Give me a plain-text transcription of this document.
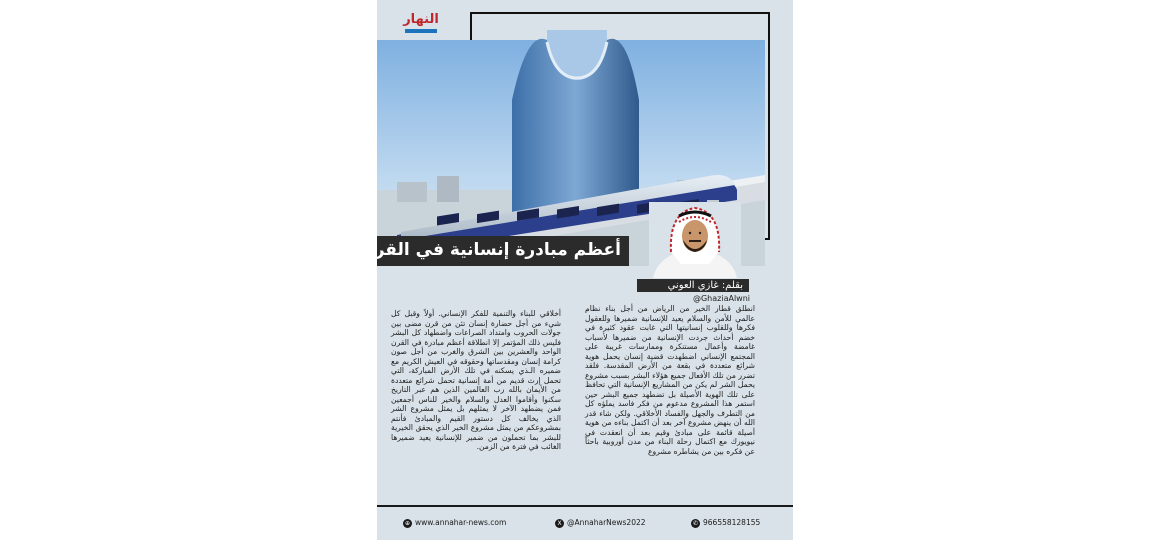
النهار
أعظم مبادرة إنسانية في القرن 21
بقلم: غازي العوني
@GhaziaAlwni
انطلق قطار الخير من الرياض من أجل بناء نظام عالمي للأمن والسلام يعيد للإنسانية ضميرها وللعقول فكرها وللقلوب إنسانيتها التي غابت عقود كثيرة في خضم أحداث جردت الإنسانية من ضميرها لأسباب غامضة وأعمال مستنكرة وممارسات غريبة على المجتمع الإنساني اضطهدت قضية إنسان يحمل هوية شرائع متعددة في بقعة من الأرض المقدسة. فلقد تضرر من تلك الأفعال جميع هؤلاء البشر بسبب مشروع يحمل الشر لم يكن من المشاريع الإنسانية التي تحافظ على تلك الهوية الأصيلة بل تضطهد جميع البشر حين استمر هذا المشروع مدعوم من فكر فاسد يملؤه كل من التطرف والجهل والفساد الأخلاقي. ولكن شاء قدر الله أن ينهض مشروع آخر بعد أن اكتمل بناءه من هوية أصيلة قائمة على مبادئ وقيم بعد أن انعقدت في نيويورك مع اكتمال رحلة البناء من مدن أوروبية باحثاً عن فكره بين من يشاطره مشروع
أخلاقي للبناء والتنمية للفكر الإنساني. أولاً وقبل كل شيء من أجل حضارة إنسان تئن من قرن مضى بين جولات الحروب وامتداد الصراعات واضطهاد كل البشر فليس ذلك المؤتمر إلا انطلاقة أعظم مبادرة في القرن الواحد والعشرين بين الشرق والغرب من أجل صون كرامة إنسان ومقدساتها وحقوقه في العيش الكريم مع ضميره الـذي يسكنه في تلك الأرض المباركة، التي تحمل إرث قديم من أمة إنسانية تحمل شرائع متعددة من الأيمان بالله رب العالمين الذين هم عبر التاريخ سكنوا وأقاموا العدل والسلام والخير للناس أجمعين فمن يضطهد الآخر لا يمثلهم بل يمثل مشروع الشر الذي يخالف كل دستور القيم والمبادئ فأنتم بمشروعكم من يمثل مشروع الخير الذي يحقق الخيرية للبشر بما تحملون من ضمير للإنسانية يعيد ضميرها الغائب في فترة من الزمن.
⊕ www.annahar-news.com	X @AnnaharNews2022	✆ 966558128155
